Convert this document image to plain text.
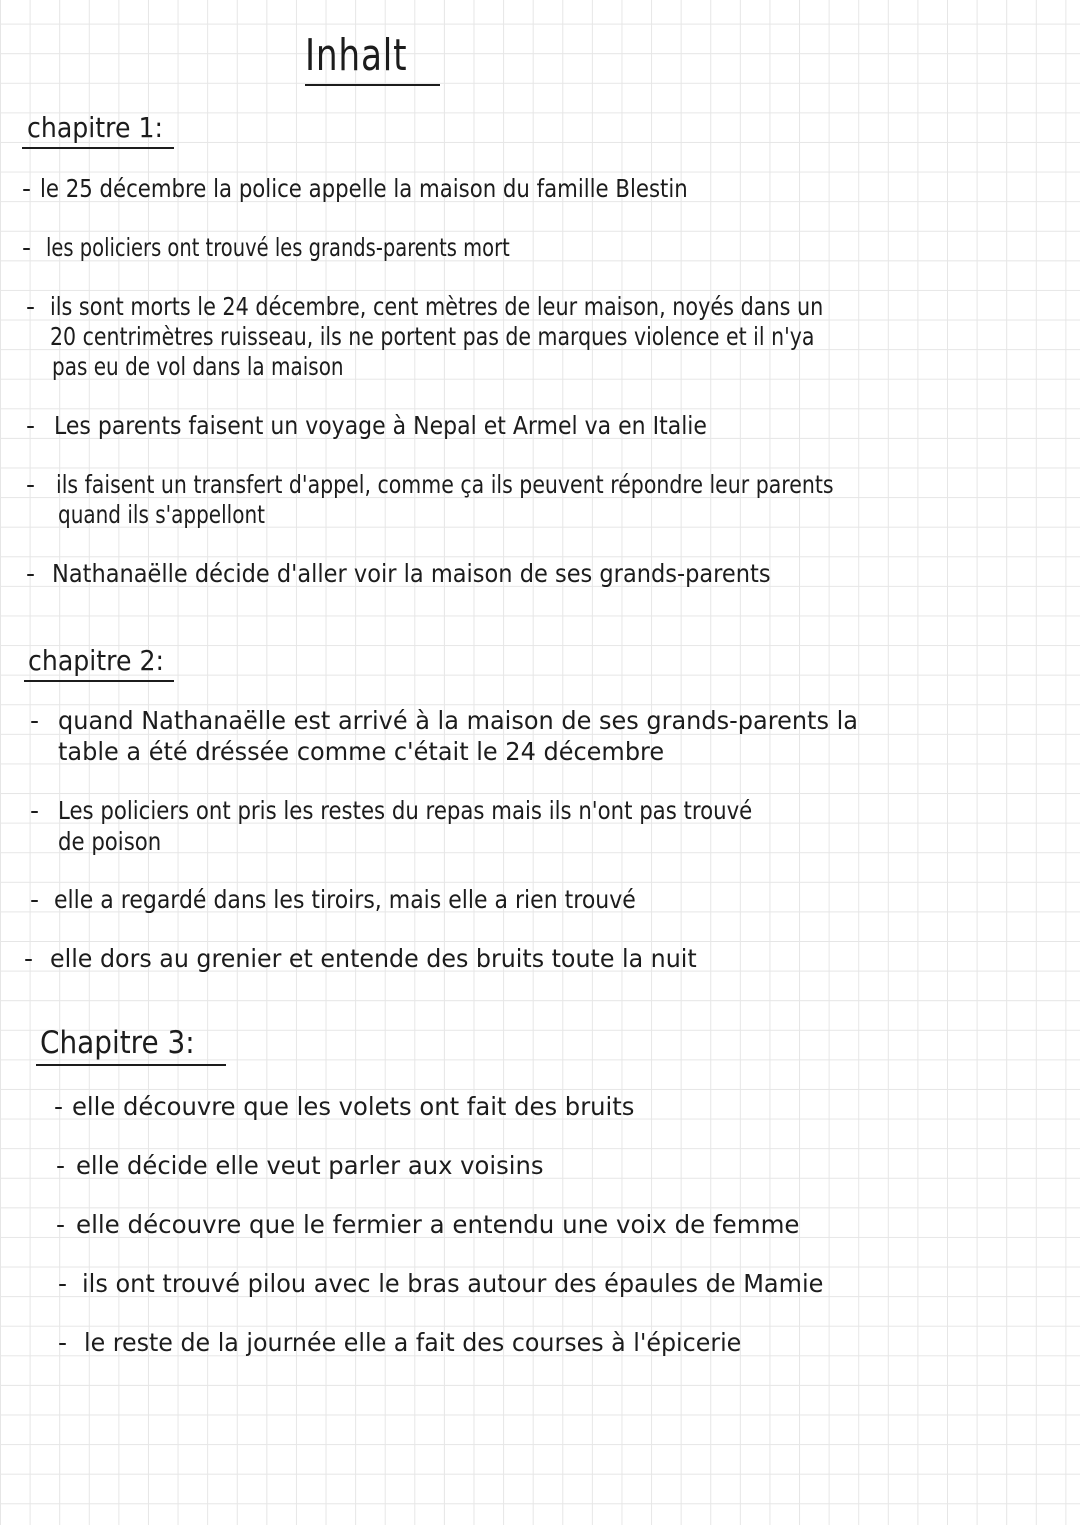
Inhalt
chapitre 1:
- le 25 décembre la police appelle la maison du famille Blestin
- les policiers ont trouvé les grands-parents mort
- ils sont morts le 24 décembre, cent mètres de leur maison, noyés dans un
20 centrimètres ruisseau, ils ne portent pas de marques violence et il n'ya
pas eu de vol dans la maison
- Les parents faisent un voyage à Nepal et Armel va en Italie
- ils faisent un transfert d'appel, comme ça ils peuvent répondre leur parents
quand ils s'appellont
- Nathanaëlle décide d'aller voir la maison de ses grands-parents
chapitre 2:
- quand Nathanaëlle est arrivé à la maison de ses grands-parents la
table a été dréssée comme c'était le 24 décembre
- Les policiers ont pris les restes du repas mais ils n'ont pas trouvé
de poison
- elle a regardé dans les tiroirs, mais elle a rien trouvé
- elle dors au grenier et entende des bruits toute la nuit
Chapitre 3:
- elle découvre que les volets ont fait des bruits
- elle décide elle veut parler aux voisins
- elle découvre que le fermier a entendu une voix de femme
- ils ont trouvé pilou avec le bras autour des épaules de Mamie
- le reste de la journée elle a fait des courses à l'épicerie
